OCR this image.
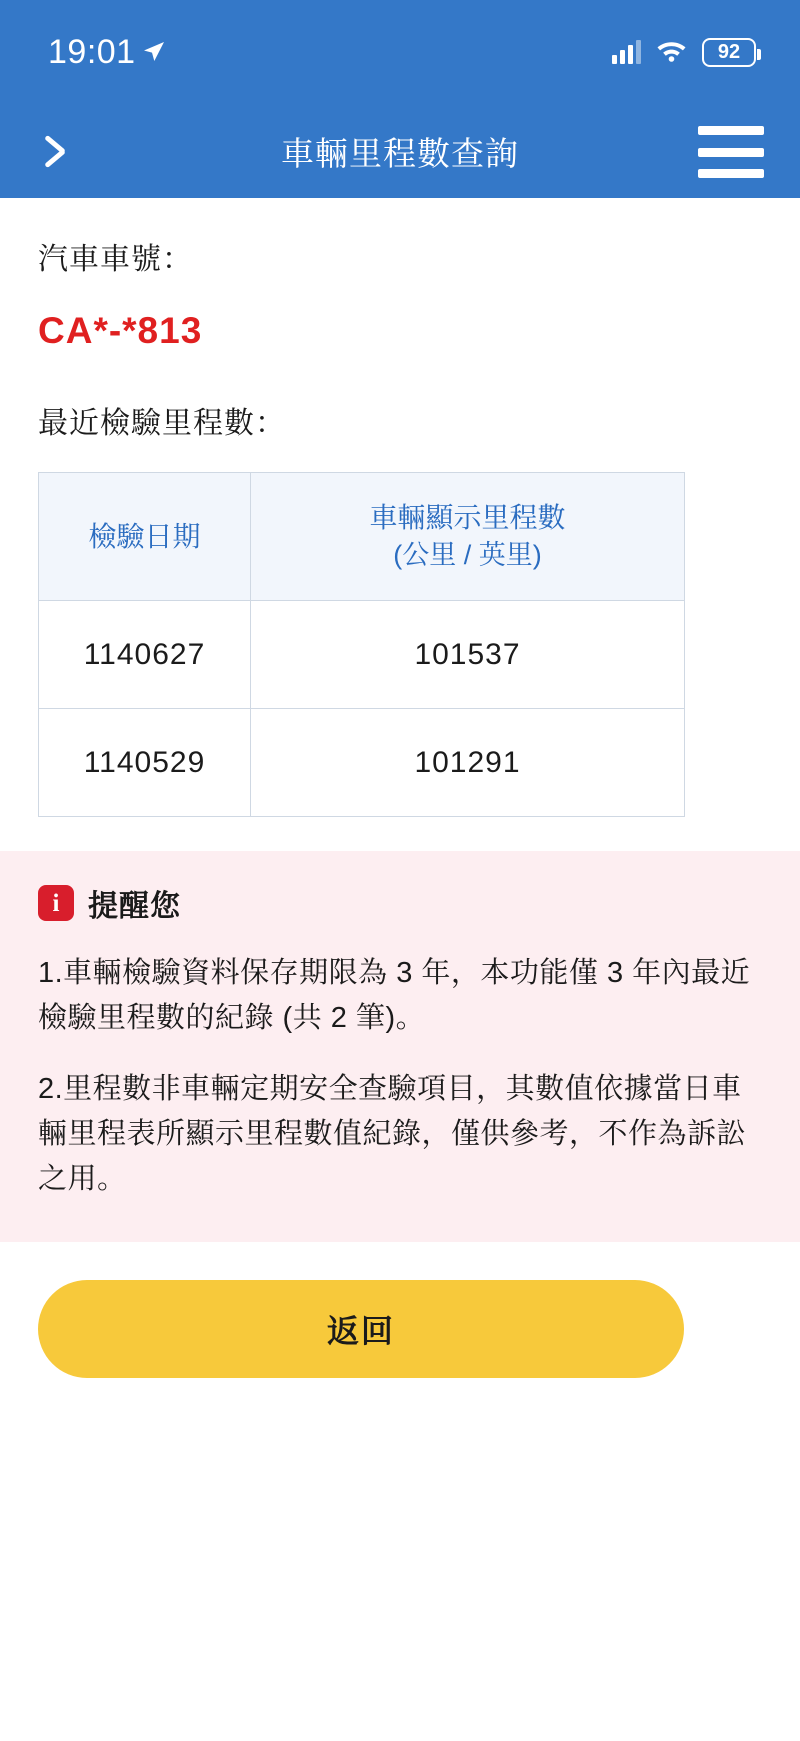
19:01	92
車輛里程數查詢
汽車車號：
CA*-*813
最近檢驗里程數：
檢驗日期	車輛顯示里程數
(公里 / 英里)

1140627	101537
1140529	101291
i 提醒您
1.車輛檢驗資料保存期限為 3 年，本功能僅 3 年內最近檢驗里程數的紀錄 (共 2 筆)。
2.里程數非車輛定期安全查驗項目，其數值依據當日車輛里程表所顯示里程數值紀錄，僅供參考，不作為訴訟之用。
返回
